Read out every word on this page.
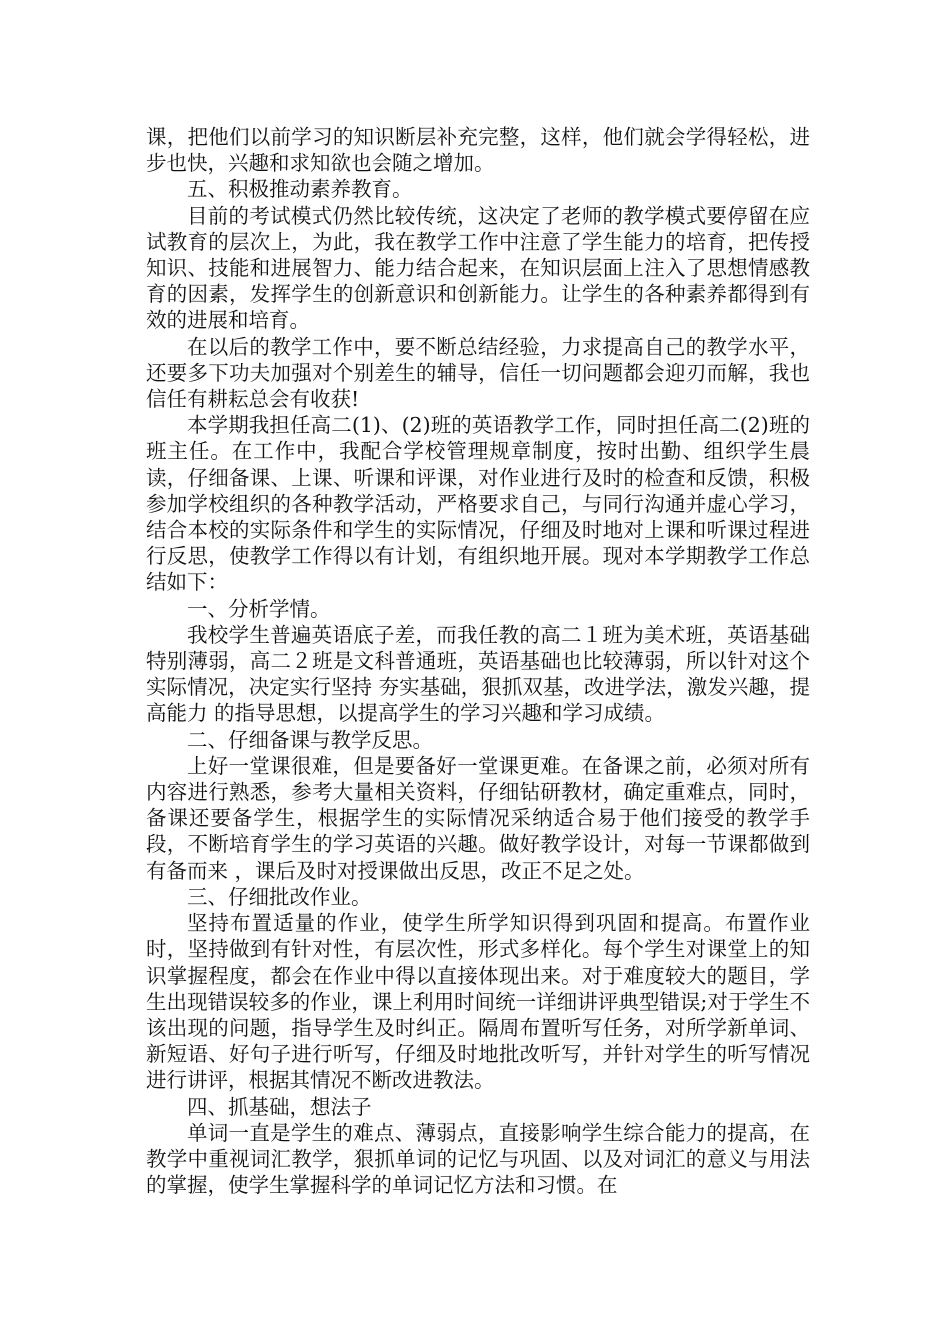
课，把他们以前学习的知识断层补充完整，这样，他们就会学得轻松，进步也快，兴趣和求知欲也会随之增加。

五、积极推动素养教育。

目前的考试模式仍然比较传统，这决定了老师的教学模式要停留在应试教育的层次上，为此，我在教学工作中注意了学生能力的培育，把传授知识、技能和进展智力、能力结合起来，在知识层面上注入了思想情感教育的因素，发挥学生的创新意识和创新能力。让学生的各种素养都得到有效的进展和培育。

在以后的教学工作中，要不断总结经验，力求提高自己的教学水平，还要多下功夫加强对个别差生的辅导，信任一切问题都会迎刃而解，我也信任有耕耘总会有收获!

本学期我担任高二(1)、(2)班的英语教学工作，同时担任高二(2)班的班主任。在工作中，我配合学校管理规章制度，按时出勤、组织学生晨读，仔细备课、上课、听课和评课，对作业进行及时的检查和反馈，积极参加学校组织的各种教学活动，严格要求自己，与同行沟通并虚心学习，结合本校的实际条件和学生的实际情况，仔细及时地对上课和听课过程进行反思，使教学工作得以有计划，有组织地开展。现对本学期教学工作总结如下：

一、分析学情。

我校学生普遍英语底子差，而我任教的高二１班为美术班，英语基础特别薄弱，高二２班是文科普通班，英语基础也比较薄弱，所以针对这个实际情况，决定实行坚持 夯实基础，狠抓双基，改进学法，激发兴趣，提高能力 的指导思想，以提高学生的学习兴趣和学习成绩。

二、仔细备课与教学反思。

上好一堂课很难，但是要备好一堂课更难。在备课之前，必须对所有内容进行熟悉，参考大量相关资料，仔细钻研教材，确定重难点，同时，备课还要备学生，根据学生的实际情况采纳适合易于他们接受的教学手段，不断培育学生的学习英语的兴趣。做好教学设计，对每一节课都做到 有备而来 ，课后及时对授课做出反思，改正不足之处。

三、仔细批改作业。

坚持布置适量的作业，使学生所学知识得到巩固和提高。布置作业时，坚持做到有针对性，有层次性，形式多样化。每个学生对课堂上的知识掌握程度，都会在作业中得以直接体现出来。对于难度较大的题目，学生出现错误较多的作业，课上利用时间统一详细讲评典型错误;对于学生不该出现的问题，指导学生及时纠正。隔周布置听写任务，对所学新单词、新短语、好句子进行听写，仔细及时地批改听写，并针对学生的听写情况进行讲评，根据其情况不断改进教法。

四、抓基础，想法子

单词一直是学生的难点、薄弱点，直接影响学生综合能力的提高，在教学中重视词汇教学，狠抓单词的记忆与巩固、以及对词汇的意义与用法的掌握，使学生掌握科学的单词记忆方法和习惯。在
